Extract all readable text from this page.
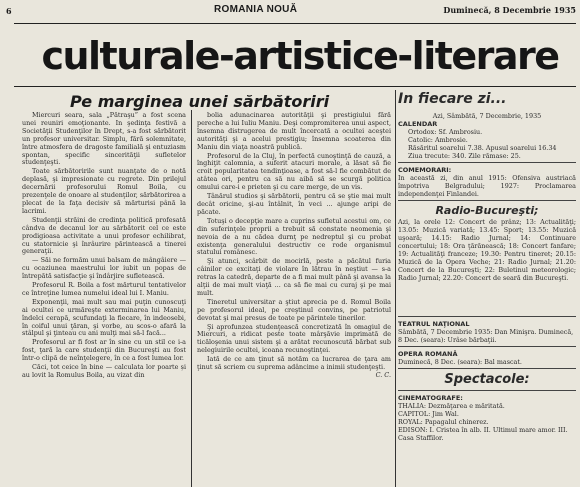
6	ROMANIA NOUĂ	Duminecă, 8 Decembrie 1935
culturale-artistice-literare
Pe marginea unei sărbătoriri

Miercuri seara, sala „Pătraşu” a fost scena unei reuniri emoţionante. In şedinţa festivă a Societăţii Studenţilor în Drept, s-a fost sărbătorit un profesor universitar. Simplu, fără solemnitate, între atmosfera de dragoste familială şi entuziasm spontan, specific sincerităţii sufletelor studenţeşti.

Toate sărbătoririle sunt nuanţate de o notă deplasă, şi impresionate cu regrete. Din prilejul decernării profesorului Romul Boila, cu prezenţele de onoare al studenţilor, sărbătorirea a plecat de la faţa decisiv să mărturisi până la lacrimi.

Studenţii străini de credinţa politică profesată cândva de decanul lor au sărbătorit cel ce este prodigioasa activitate a unui profesor echilibrat, cu statornicie şi înrâurire părintească a tinerei generaţii.

— Săi ne formăm unui balsam de mângâiere — cu ocaziunea maestrului lor iubit un popas de întrepătă satisfacţie şi îndârjire sufletească.

Profesorul R. Boila a fost mărturul tentativelor ce întreţine lumea numelui ideal lui I. Maniu.

Exponenţii, mai mult sau mai puţin cunoscuţi ai ocultei ce urmăreşte exterminarea lui Maniu, îndelci cerapă, scufundaţi la fiecare, în indeosebi, în coiful unui ţăran, şi vorbe, au scos-o afară la stâlpul şi ţinteau cu ani mulţi mai să-l facă...

Profesorul ar fi fost ar în sine cu un stil ce i-a fost, ţară la care studenţii din Bucureşti au fost într-o clipă de neînţelegere, în ce a fost lumea lor.

Căci, tot ceice în bine — calculata lor poarte și au lovit la Romulus Boila, au vizat din

bolia adunacinarea autorităţii şi prestigiului fără pereche a lui Iuliu Maniu. Deşi compromiterea unui aspect, însemna distrugerea de mult încercată a ocultei aceştei autorităţi şi a acelui prestigiu; însemna scoaterea din Maniu din viaţa noastră publică.

Profesorul de la Cluj, în perfectă cunoştinţă de cauză, a înghiţit calomnia, a suferit atacuri morale, a lăsat să fie croit popularitatea tendinţioase, a fost să-l fie combătut de atâtea ori, pentru ca să nu aibă să se scurgă politica omului care-i e prieten şi cu care merge, de un vis.

Tânărul studios şi sărbătorii, pentru că se ştie mai mult decât oricine, şi-au întâlnit, în veci ... ajunge aripi de păcate.

Totuşi o decepţie mare a cuprins sufletul acestui om, ce din suferinţele proprii a trebuit să constate neomenia şi nevoia de a nu cădea durnţ pe nedreptul şi cu probat existenţa generalului destructiv ce rode organismul statului românesc.

Şi atunci, scârbit de mocirlă, peste a păcătul furia câinilor ce excitaţi de violare în lătrau în neştiut — s-a retras la catedră, departe de a fi mai mult până şi avansa la alţii de mai mult viaţă ... ca să fie mai cu curaj şi pe mai mult.

Tineretul universitar a ştiut aprecia pe d. Romul Boila pe profesorul ideal, pe creştinul convins, pe patriotul devotat şi mai presus de toate pe părintele tinerilor.

Şi aprofunzea studenţească concretizată în omagiul de Miercuri, a ridicat peste toate mârşăvie imprimată de ticăloşenia unui sistem şi a arătat recunoscută bărbat sub nelegiuirile ocultei, icoana recunoştinţei.

Iată de ce am ţinut să notăm ca lucrarea de ţara am ţinut să scriem cu suprema adâncime a inimii studenţeşti.

C. C.
In fiecare zi...
Azi, Sâmbătă, 7 Decembrie, 1935
CALENDAR
Ortodox: Sf. Ambrosiu.
Catolic: Ambrosie.
Răsăritul soarelui 7.38. Apusul soarelui 16.34
Ziua trecute: 340. Zile rămase: 25.
COMEMORARI:
In această zi, din anul 1915: Ofensiva austriacă împotriva Belgradului; 1927: Proclamarea independenţei Finlandei.
Radio-Bucureşti;
Azi, la orele 12: Concert de prânz; 13: Actualităţi; 13.05: Muzică variată; 13.45: Sport; 13.55: Muzică uşoară; 14.15: Radio Jurnal; 14: Continuare concertului; 18: Ora ţărănească; 18: Concert fanfare; 19: Actualităţi franceze; 19.30: Pentru tineret; 20.15: Muzică de la Opera Veche; 21: Radio Jurnal; 21.20: Concert de la Bucureşti; 22: Buletinul meteorologic; Radio Jurnal; 22.20: Concert de seară din Bucureşti.
TEATRUL NAŢIONAL
Sâmbătă, 7 Decembrie 1935: Dan Minişra. Duminecă, 8 Dec. (seara): Urâse bărbaţii.
OPERA ROMANĂ
Duminecă, 8 Dec. (seara): Bal mascat.
Spectacole:
CINEMATOGRAFE:
THALIA: Dezmăţarea e măritată.
CAPITOL: Jim Wal.
ROYAL: Papagalul chinerez.
EDISON: I. Cristea în alb. II. Ultimul mare amor. III. Casa Staffilor.
